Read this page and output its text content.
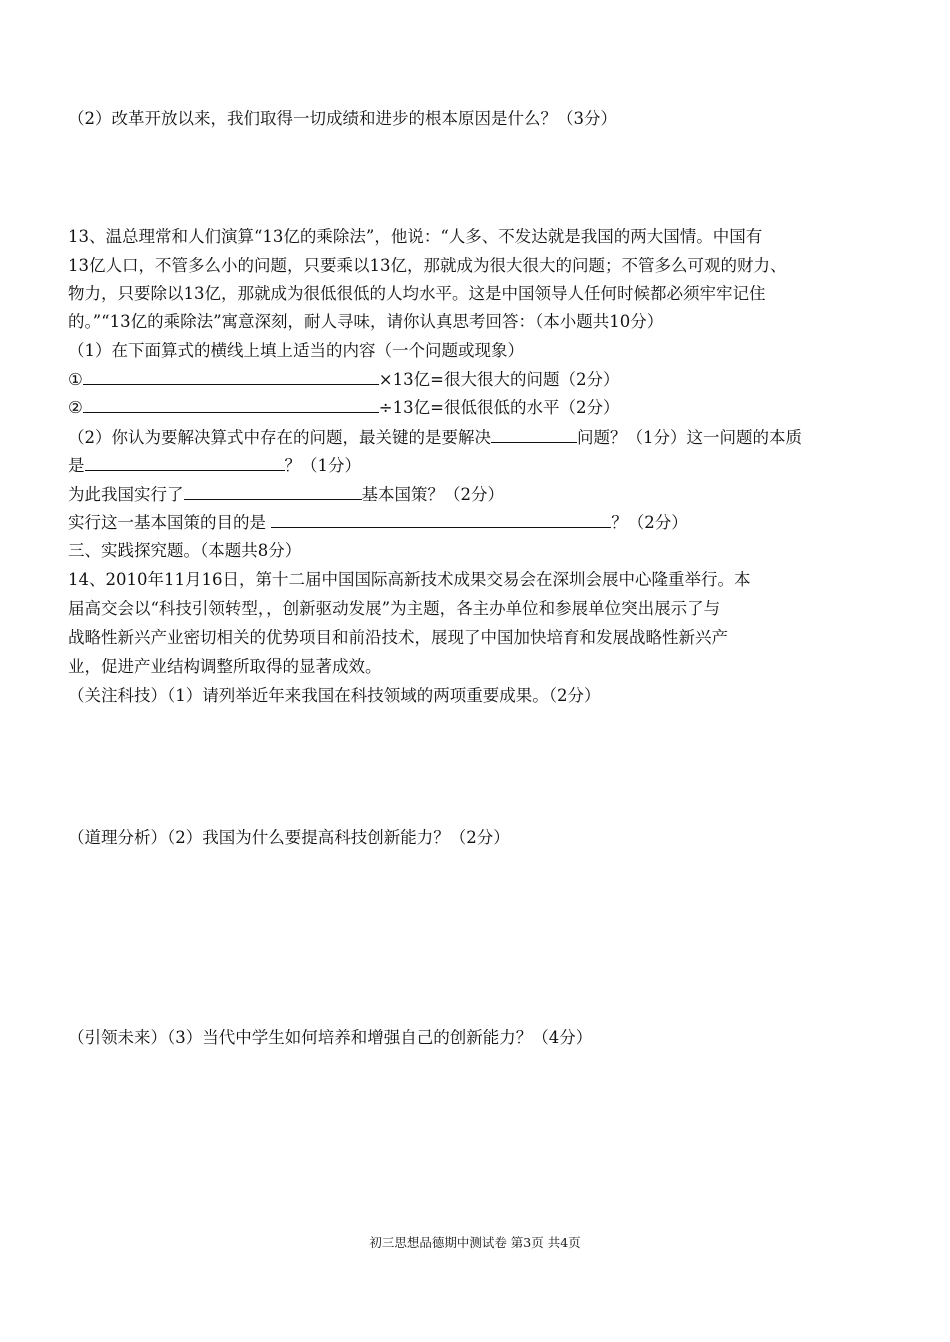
（2）改革开放以来，我们取得一切成绩和进步的根本原因是什么？（3分）
13、温总理常和人们演算“13亿的乘除法”，他说：“人多、不发达就是我国的两大国情。中国有
13亿人口，不管多么小的问题，只要乘以13亿，那就成为很大很大的问题；不管多么可观的财力、
物力，只要除以13亿，那就成为很低很低的人均水平。这是中国领导人任何时候都必须牢牢记住
的。”“13亿的乘除法”寓意深刻，耐人寻味，请你认真思考回答：（本小题共10分）
（1）在下面算式的横线上填上适当的内容（一个问题或现象）
①	×13亿=很大很大的问题（2分）
②	÷13亿=很低很低的水平（2分）
（2）你认为要解决算式中存在的问题，最关键的是要解决	问题？（1分）这一问题的本质
是	？（1分）
为此我国实行了	基本国策？（2分）
实行这一基本国策的目的是	？（2分）
三、实践探究题。（本题共8分）
14、2010年11月16日，第十二届中国国际高新技术成果交易会在深圳会展中心隆重举行。本
届高交会以“科技引领转型，，创新驱动发展”为主题，各主办单位和参展单位突出展示了与
战略性新兴产业密切相关的优势项目和前沿技术，展现了中国加快培育和发展战略性新兴产
业，促进产业结构调整所取得的显著成效。
（关注科技）（1）请列举近年来我国在科技领域的两项重要成果。（2分）
（道理分析）（2）我国为什么要提高科技创新能力？（2分）
（引领未来）（3）当代中学生如何培养和增强自己的创新能力？（4分）
初三思想品德期中测试卷 第3页 共4页
